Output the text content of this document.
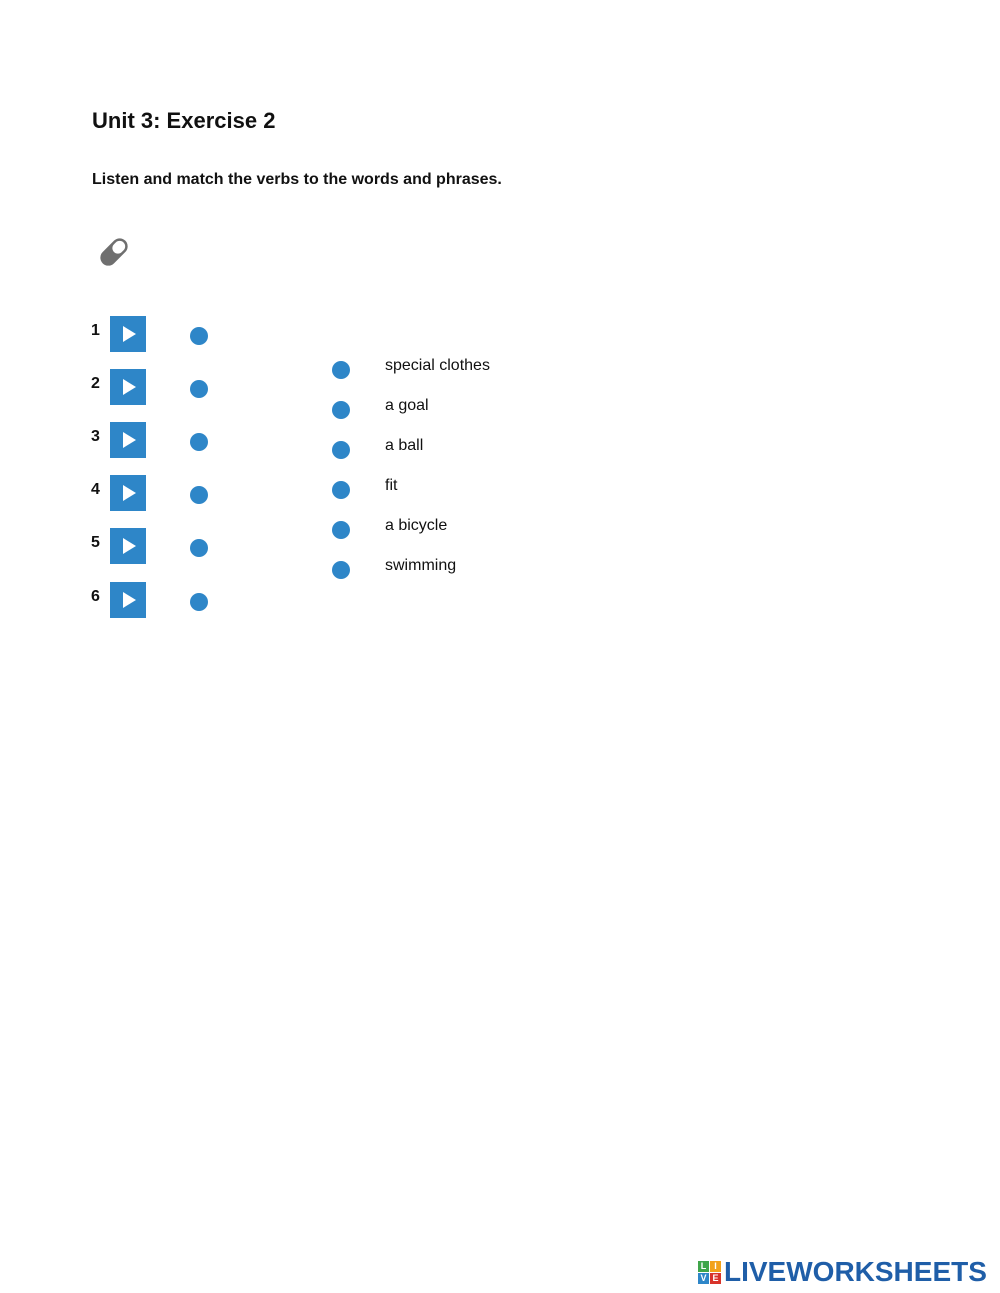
Unit 3: Exercise 2

Listen and match the verbs to the words and phrases.

1
2
3
4
5
6
special clothes
a goal
a ball
fit
a bicycle
swimming
L I
V E LIVEWORKSHEETS
